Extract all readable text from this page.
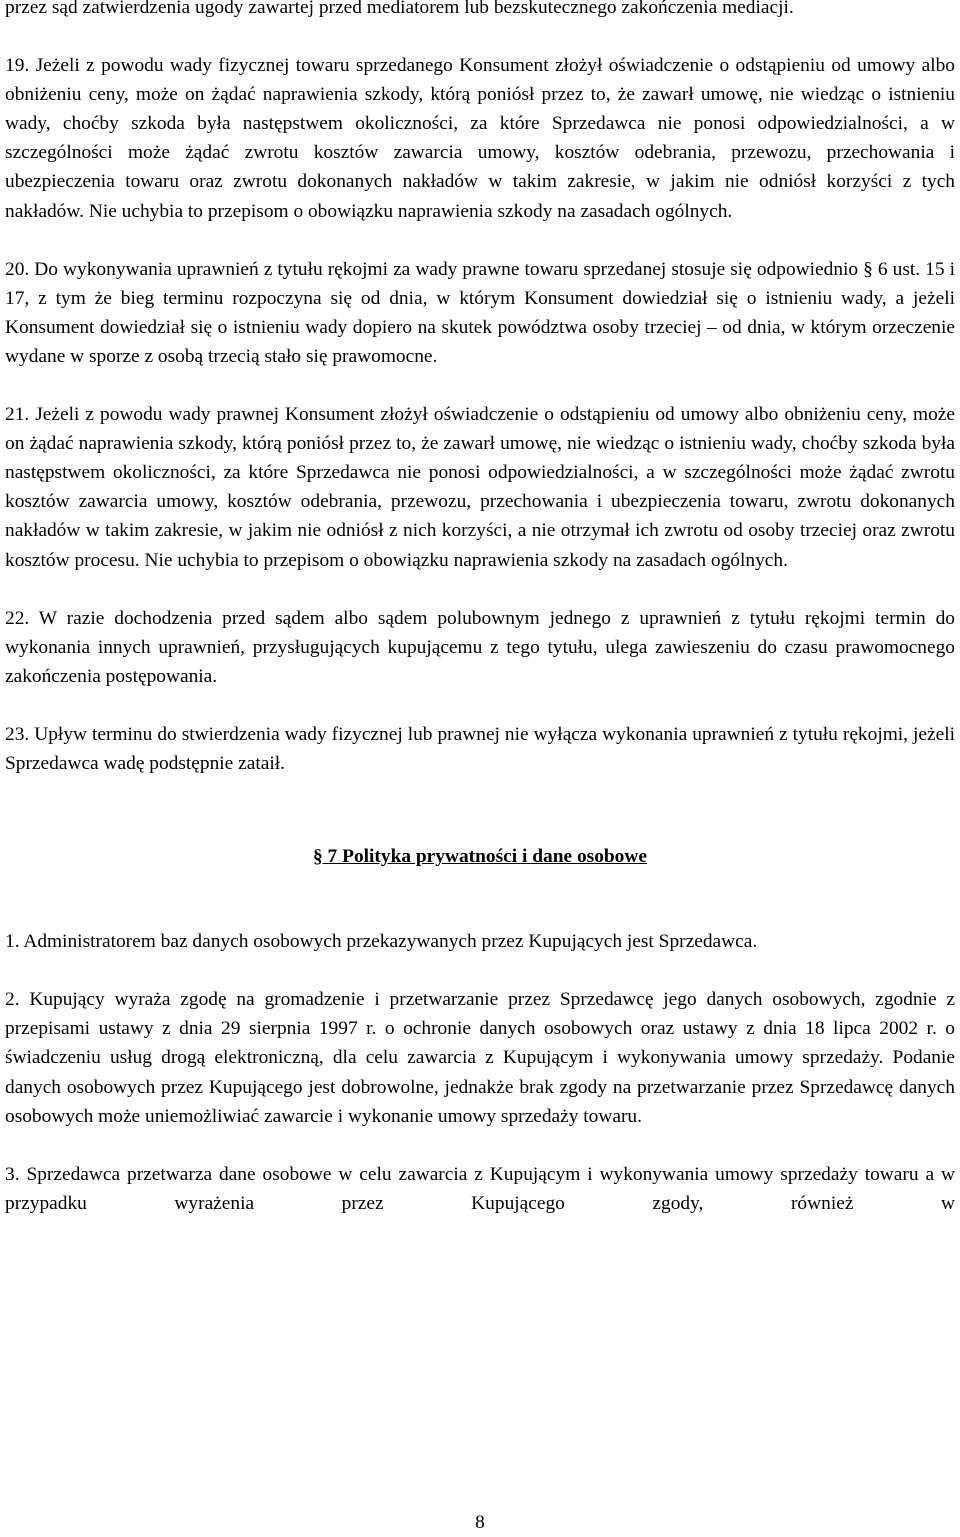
przez sąd zatwierdzenia ugody zawartej przed mediatorem lub bezskutecznego zakończenia mediacji.

19. Jeżeli z powodu wady fizycznej towaru sprzedanego Konsument złożył oświadczenie o odstąpieniu od umowy albo obniżeniu ceny, może on żądać naprawienia szkody, którą poniósł przez to, że zawarł umowę, nie wiedząc o istnieniu wady, choćby szkoda była następstwem okoliczności, za które Sprzedawca nie ponosi odpowiedzialności, a w szczególności może żądać zwrotu kosztów zawarcia umowy, kosztów odebrania, przewozu, przechowania i ubezpieczenia towaru oraz zwrotu dokonanych nakładów w takim zakresie, w jakim nie odniósł korzyści z tych nakładów. Nie uchybia to przepisom o obowiązku naprawienia szkody na zasadach ogólnych.

20. Do wykonywania uprawnień z tytułu rękojmi za wady prawne towaru sprzedanej stosuje się odpowiednio § 6 ust. 15 i 17, z tym że bieg terminu rozpoczyna się od dnia, w którym Konsument dowiedział się o istnieniu wady, a jeżeli Konsument dowiedział się o istnieniu wady dopiero na skutek powództwa osoby trzeciej – od dnia, w którym orzeczenie wydane w sporze z osobą trzecią stało się prawomocne.

21. Jeżeli z powodu wady prawnej Konsument złożył oświadczenie o odstąpieniu od umowy albo obniżeniu ceny, może on żądać naprawienia szkody, którą poniósł przez to, że zawarł umowę, nie wiedząc o istnieniu wady, choćby szkoda była następstwem okoliczności, za które Sprzedawca nie ponosi odpowiedzialności, a w szczególności może żądać zwrotu kosztów zawarcia umowy, kosztów odebrania, przewozu, przechowania i ubezpieczenia towaru, zwrotu dokonanych nakładów w takim zakresie, w jakim nie odniósł z nich korzyści, a nie otrzymał ich zwrotu od osoby trzeciej oraz zwrotu kosztów procesu. Nie uchybia to przepisom o obowiązku naprawienia szkody na zasadach ogólnych.

22. W razie dochodzenia przed sądem albo sądem polubownym jednego z uprawnień z tytułu rękojmi termin do wykonania innych uprawnień, przysługujących kupującemu z tego tytułu, ulega zawieszeniu do czasu prawomocnego zakończenia postępowania.

23. Upływ terminu do stwierdzenia wady fizycznej lub prawnej nie wyłącza wykonania uprawnień z tytułu rękojmi, jeżeli Sprzedawca wadę podstępnie zataił.

§ 7 Polityka prywatności i dane osobowe

1. Administratorem baz danych osobowych przekazywanych przez Kupujących jest Sprzedawca.

2. Kupujący wyraża zgodę na gromadzenie i przetwarzanie przez Sprzedawcę jego danych osobowych, zgodnie z przepisami ustawy z dnia 29 sierpnia 1997 r. o ochronie danych osobowych oraz ustawy z dnia 18 lipca 2002 r. o świadczeniu usług drogą elektroniczną, dla celu zawarcia z Kupującym i wykonywania umowy sprzedaży. Podanie danych osobowych przez Kupującego jest dobrowolne, jednakże brak zgody na przetwarzanie przez Sprzedawcę danych osobowych może uniemożliwiać zawarcie i wykonanie umowy sprzedaży towaru.

3. Sprzedawca przetwarza dane osobowe w celu zawarcia z Kupującym i wykonywania umowy sprzedaży towaru a w przypadku wyrażenia przez Kupującego zgody, również w

8
